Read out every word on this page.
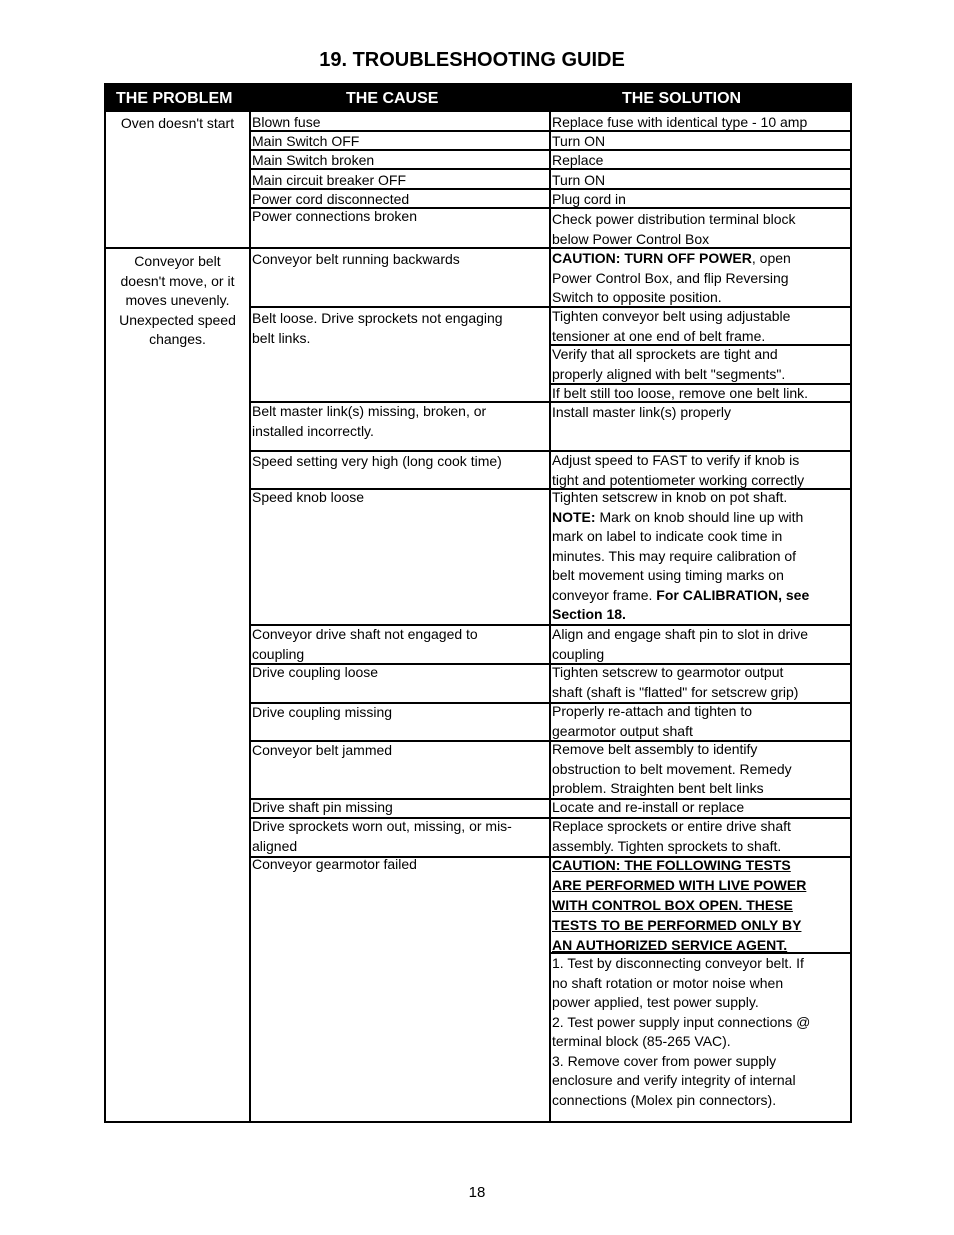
19. TROUBLESHOOTING GUIDE
THE PROBLEM	THE CAUSE	THE SOLUTION
Oven doesn't start
Conveyor belt
doesn't move, or it
moves unevenly.
Unexpected speed
changes.
Blown fuse
Main Switch OFF
Main Switch broken
Main circuit breaker OFF
Power cord disconnected
Power connections broken
Conveyor belt running backwards
Belt loose. Drive sprockets not engaging
belt links.
Belt master link(s) missing, broken, or
installed incorrectly.
Speed setting very high (long cook time)
Speed knob loose
Conveyor drive shaft not engaged to
coupling
Drive coupling loose
Drive coupling missing
Conveyor belt jammed
Drive shaft pin missing
Drive sprockets worn out, missing, or mis-
aligned
Conveyor gearmotor failed
Replace fuse with identical type - 10 amp
Turn ON
Replace
Turn ON
Plug cord in
Check power distribution terminal block
below Power Control Box
CAUTION: TURN OFF POWER, open
Power Control Box, and flip Reversing
Switch to opposite position.
Tighten conveyor belt using adjustable
tensioner at one end of belt frame.
Verify that all sprockets are tight and
properly aligned with belt "segments".
If belt still too loose, remove one belt link.
Install master link(s) properly
Adjust speed to FAST to verify if knob is
tight and potentiometer working correctly
Tighten setscrew in knob on pot shaft.
NOTE: Mark on knob should line up with
mark on label to indicate cook time in
minutes. This may require calibration of
belt movement using timing marks on
conveyor frame. For CALIBRATION, see
Section 18.
Align and engage shaft pin to slot in drive
coupling
Tighten setscrew to gearmotor output
shaft (shaft is "flatted" for setscrew grip)
Properly re-attach and tighten to
gearmotor output shaft
Remove belt assembly to identify
obstruction to belt movement. Remedy
problem. Straighten bent belt links
Locate and re-install or replace
Replace sprockets or entire drive shaft
assembly. Tighten sprockets to shaft.
CAUTION: THE FOLLOWING TESTS
ARE PERFORMED WITH LIVE POWER
WITH CONTROL BOX OPEN. THESE
TESTS TO BE PERFORMED ONLY BY
AN AUTHORIZED SERVICE AGENT.
1. Test by disconnecting conveyor belt. If
no shaft rotation or motor noise when
power applied, test power supply.
2. Test power supply input connections @
terminal block (85-265 VAC).
3. Remove cover from power supply
enclosure and verify integrity of internal
connections (Molex pin connectors).
18
